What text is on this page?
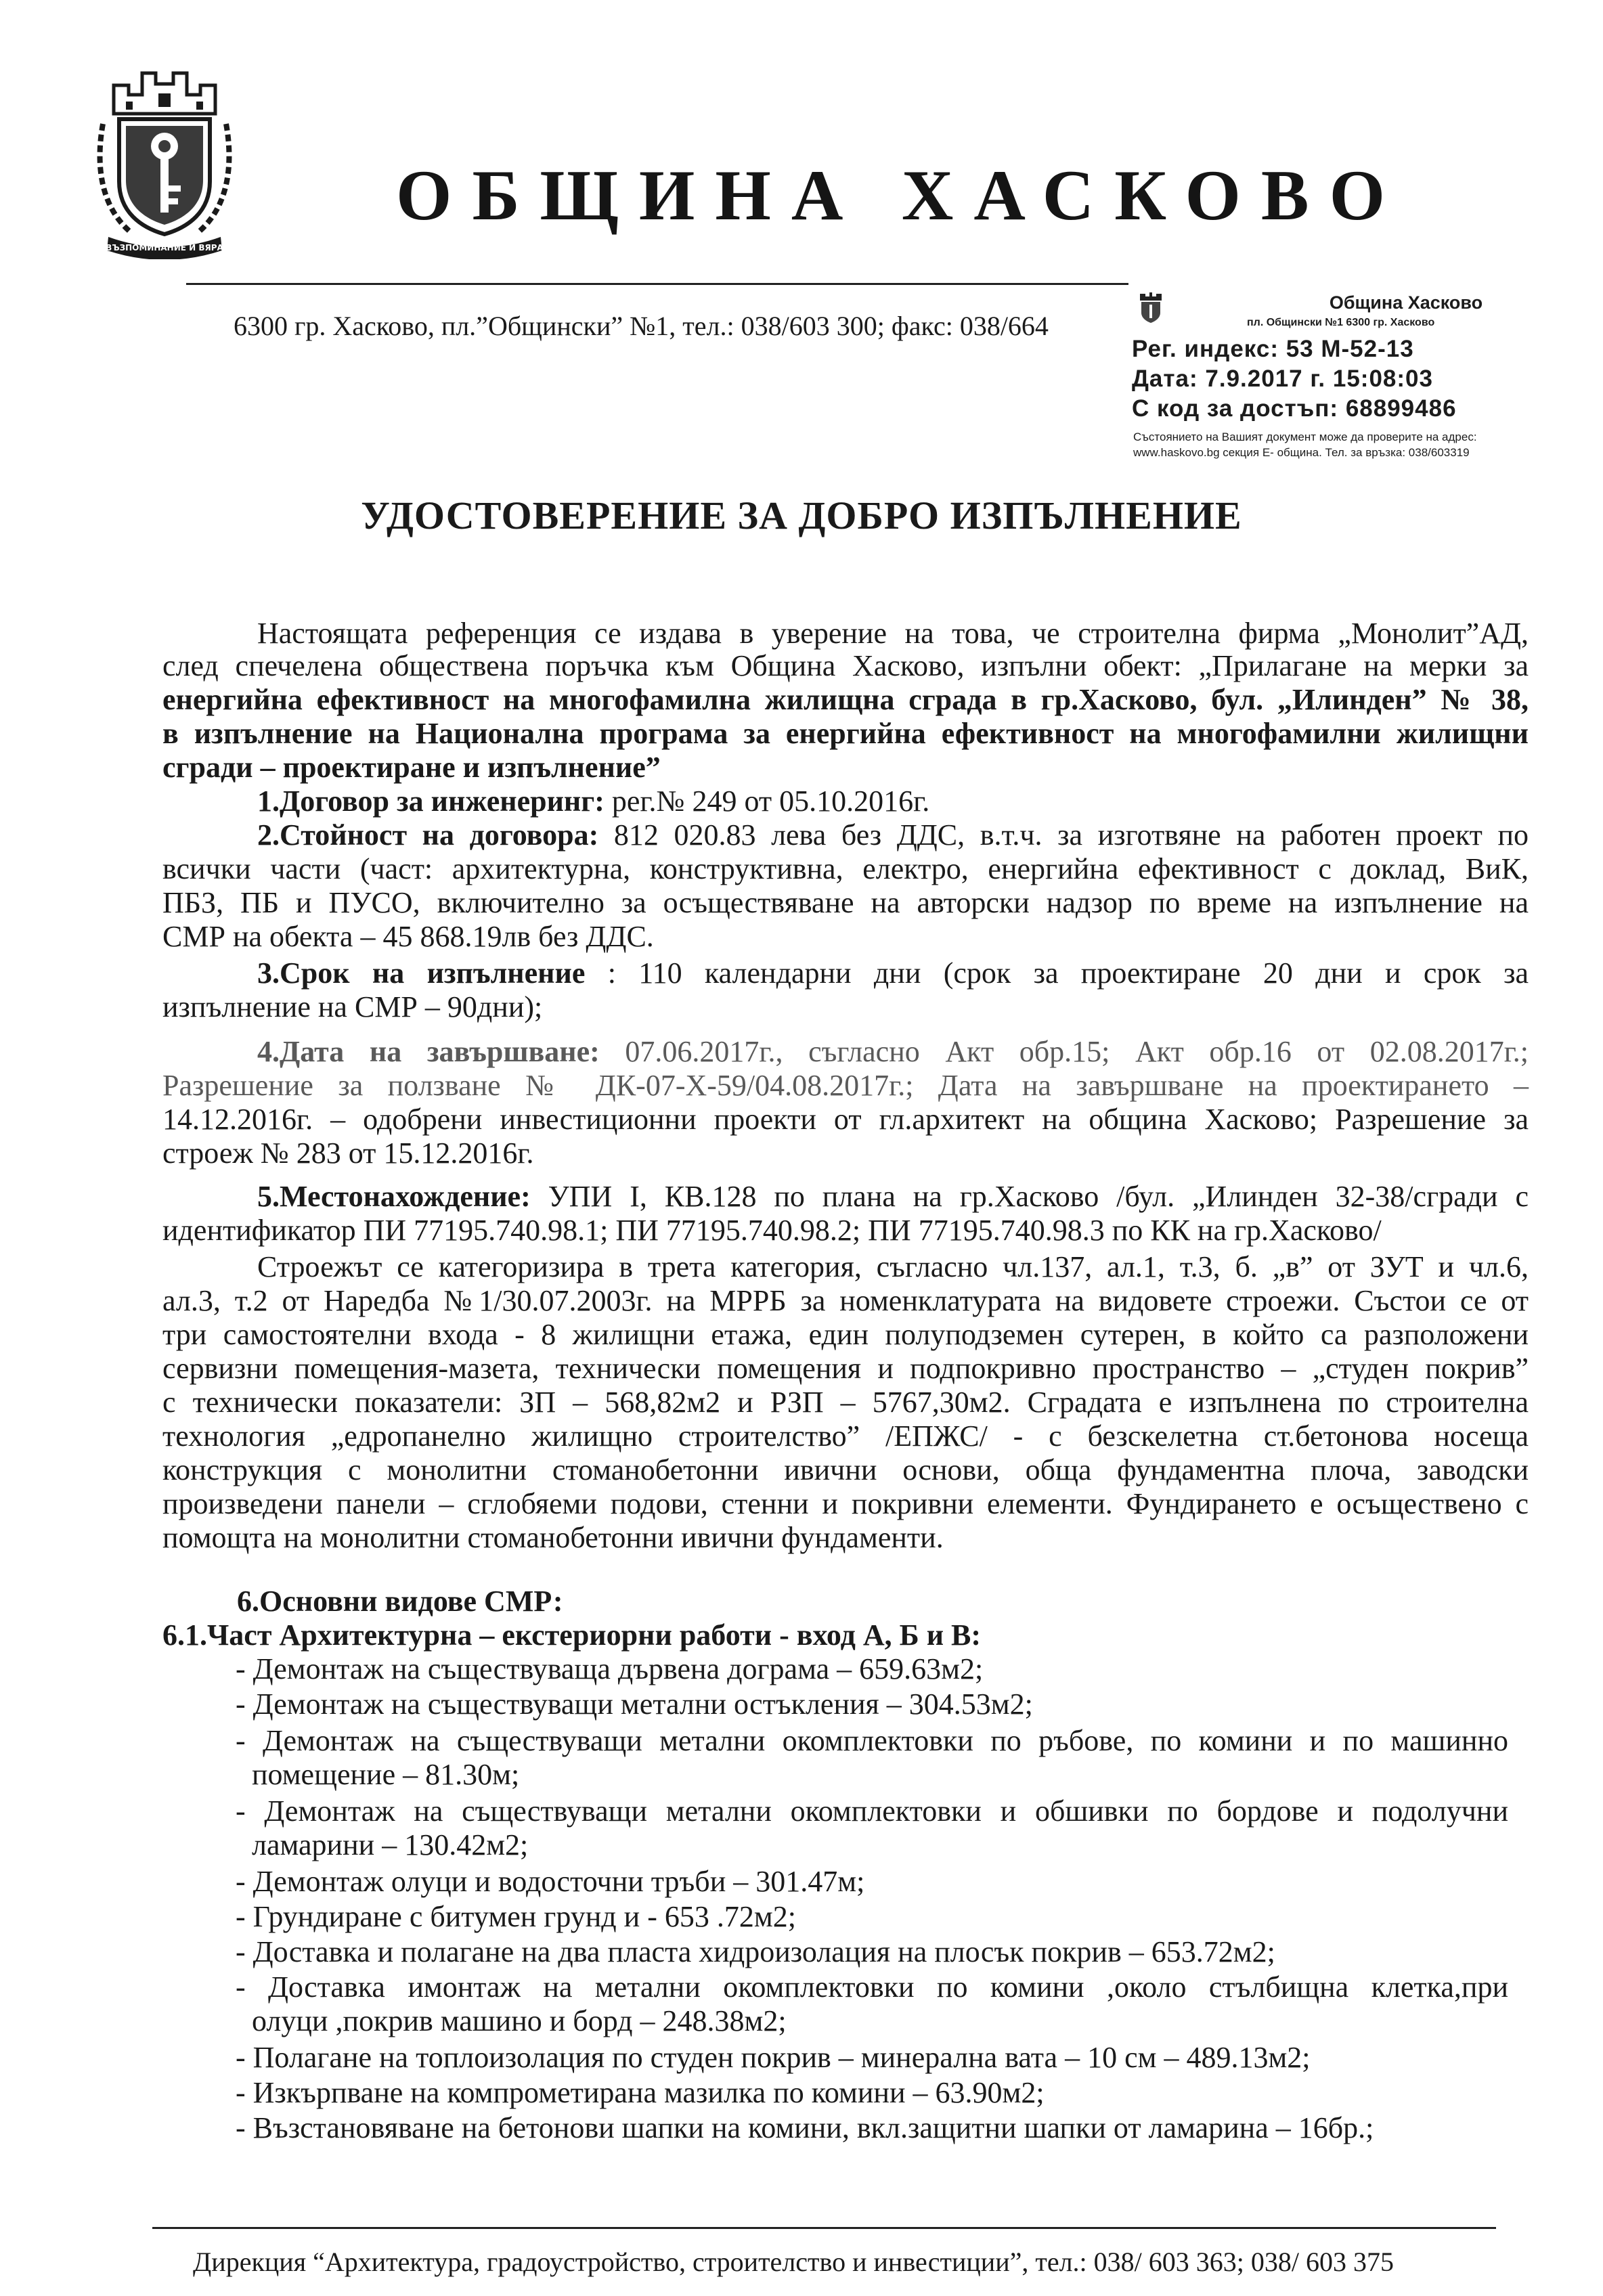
ВЪЗПОМИНАНИЕ И ВЯРА
ОБЩИНА ХАСКОВО
6300 гр. Хасково, пл.”Общински” №1, тел.: 038/603 300; факс: 038/664
Община Хасково
пл. Общински №1 6300 гр. Хасково
Рег. индекс: 53 М-52-13
Дата: 7.9.2017 г. 15:08:03
С код за достъп: 68899486
Състоянието на Вашият документ може да проверите на адрес:
www.haskovo.bg секция Е- община. Тел. за връзка: 038/603319
УДОСТОВЕРЕНИЕ ЗА ДОБРО ИЗПЪЛНЕНИЕ
Настоящата референция се издава в уверение на това, че строителна фирма „Монолит”АД,
след спечелена обществена поръчка към Община Хасково, изпълни обект: „Прилагане на мерки за
енергийна ефективност на многофамилна жилищна сграда в гр.Хасково, бул. „Илинден” № 38,
в изпълнение на Национална програма за енергийна ефективност на многофамилни жилищни
сгради – проектиране и изпълнение”
1.Договор за инженеринг: рег.№ 249 от 05.10.2016г.
2.Стойност на договора: 812 020.83 лева без ДДС, в.т.ч. за изготвяне на работен проект по
всички части (част: архитектурна, конструктивна, електро, енергийна ефективност с доклад, ВиК,
ПБЗ, ПБ и ПУСО, включително за осъществяване на авторски надзор по време на изпълнение на
СМР на обекта – 45 868.19лв без ДДС.
3.Срок на изпълнение : 110 календарни дни (срок за проектиране 20 дни и срок за
изпълнение на СМР – 90дни);
4.Дата на завършване: 07.06.2017г., съгласно Акт обр.15; Акт обр.16 от 02.08.2017г.;
Разрешение за ползване № ДК-07-Х-59/04.08.2017г.; Дата на завършване на проектирането –
14.12.2016г. – одобрени инвестиционни проекти от гл.архитект на община Хасково; Разрешение за
строеж № 283 от 15.12.2016г.
5.Местонахождение: УПИ I, КВ.128 по плана на гр.Хасково /бул. „Илинден 32-38/сгради с
идентификатор ПИ 77195.740.98.1; ПИ 77195.740.98.2; ПИ 77195.740.98.3 по КК на гр.Хасково/
Строежът се категоризира в трета категория, съгласно чл.137, ал.1, т.3, б. „в” от ЗУТ и чл.6,
ал.3, т.2 от Наредба №1/30.07.2003г. на МРРБ за номенклатурата на видовете строежи. Състои се от
три самостоятелни входа - 8 жилищни етажа, един полуподземен сутерен, в който са разположени
сервизни помещения-мазета, технически помещения и подпокривно пространство – „студен покрив”
с технически показатели: ЗП – 568,82м2 и РЗП – 5767,30м2. Сградата е изпълнена по строителна
технология „едропанелно жилищно строителство” /ЕПЖС/ - с безскелетна ст.бетонова носеща
конструкция с монолитни стоманобетонни ивични основи, обща фундаментна плоча, заводски
произведени панели – сглобяеми подови, стенни и покривни елементи. Фундирането е осъществено с
помощта на монолитни стоманобетонни ивични фундаменти.
6.Основни видове СМР:
6.1.Част Архитектурна – екстериорни работи - вход А, Б и В:
- Демонтаж на съществуваща дървена дограма – 659.63м2;
- Демонтаж на съществуващи метални остъкления – 304.53м2;
- Демонтаж на съществуващи метални окомплектовки по ръбове, по комини и по машинно
помещение – 81.30м;
- Демонтаж на съществуващи метални окомплектовки и обшивки по бордове и подолучни
ламарини – 130.42м2;
- Демонтаж олуци и водосточни тръби – 301.47м;
- Грундиране с битумен грунд и - 653 .72м2;
- Доставка и полагане на два пласта хидроизолация на плосък покрив – 653.72м2;
- Доставка имонтаж на метални окомплектовки по комини ,около стълбищна клетка,при
олуци ,покрив машино и борд – 248.38м2;
- Полагане на топлоизолация по студен покрив – минерална вата – 10 см – 489.13м2;
- Изкърпване на компрометирана мазилка по комини – 63.90м2;
- Възстановяване на бетонови шапки на комини, вкл.защитни шапки от ламарина – 16бр.;
Дирекция “Архитектура, градоустройство, строителство и инвестиции”, тел.: 038/ 603 363; 038/ 603 375
